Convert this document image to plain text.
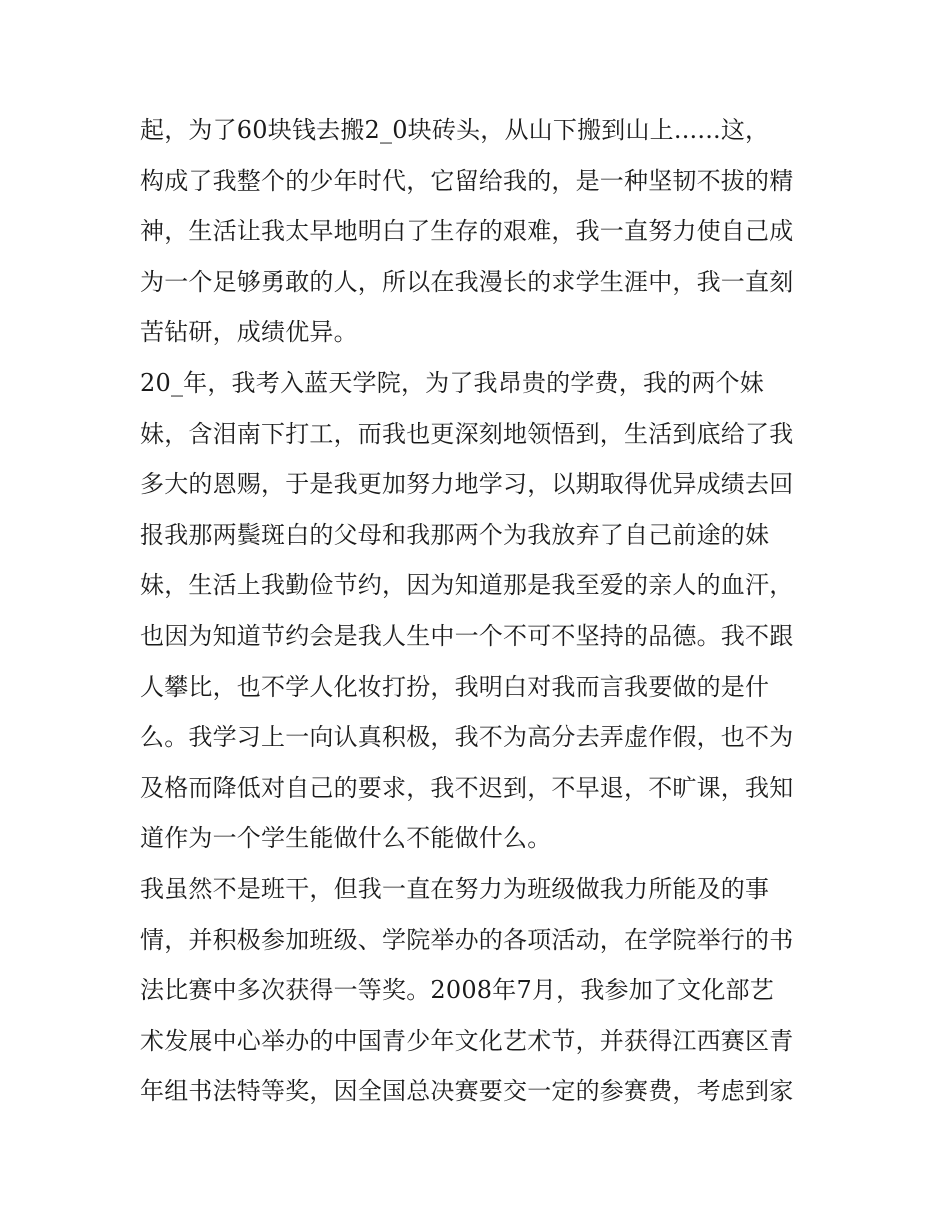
起，为了60块钱去搬2_0块砖头，从山下搬到山上......这，
构成了我整个的少年时代，它留给我的，是一种坚韧不拔的精
神，生活让我太早地明白了生存的艰难，我一直努力使自己成
为一个足够勇敢的人，所以在我漫长的求学生涯中，我一直刻
苦钻研，成绩优异。
20_年，我考入蓝天学院，为了我昂贵的学费，我的两个妹
妹，含泪南下打工，而我也更深刻地领悟到，生活到底给了我
多大的恩赐，于是我更加努力地学习，以期取得优异成绩去回
报我那两鬓斑白的父母和我那两个为我放弃了自己前途的妹
妹，生活上我勤俭节约，因为知道那是我至爱的亲人的血汗，
也因为知道节约会是我人生中一个不可不坚持的品德。我不跟
人攀比，也不学人化妆打扮，我明白对我而言我要做的是什
么。我学习上一向认真积极，我不为高分去弄虚作假，也不为
及格而降低对自己的要求，我不迟到，不早退，不旷课，我知
道作为一个学生能做什么不能做什么。
我虽然不是班干，但我一直在努力为班级做我力所能及的事
情，并积极参加班级、学院举办的各项活动，在学院举行的书
法比赛中多次获得一等奖。2008年7月，我参加了文化部艺
术发展中心举办的中国青少年文化艺术节，并获得江西赛区青
年组书法特等奖，因全国总决赛要交一定的参赛费，考虑到家
